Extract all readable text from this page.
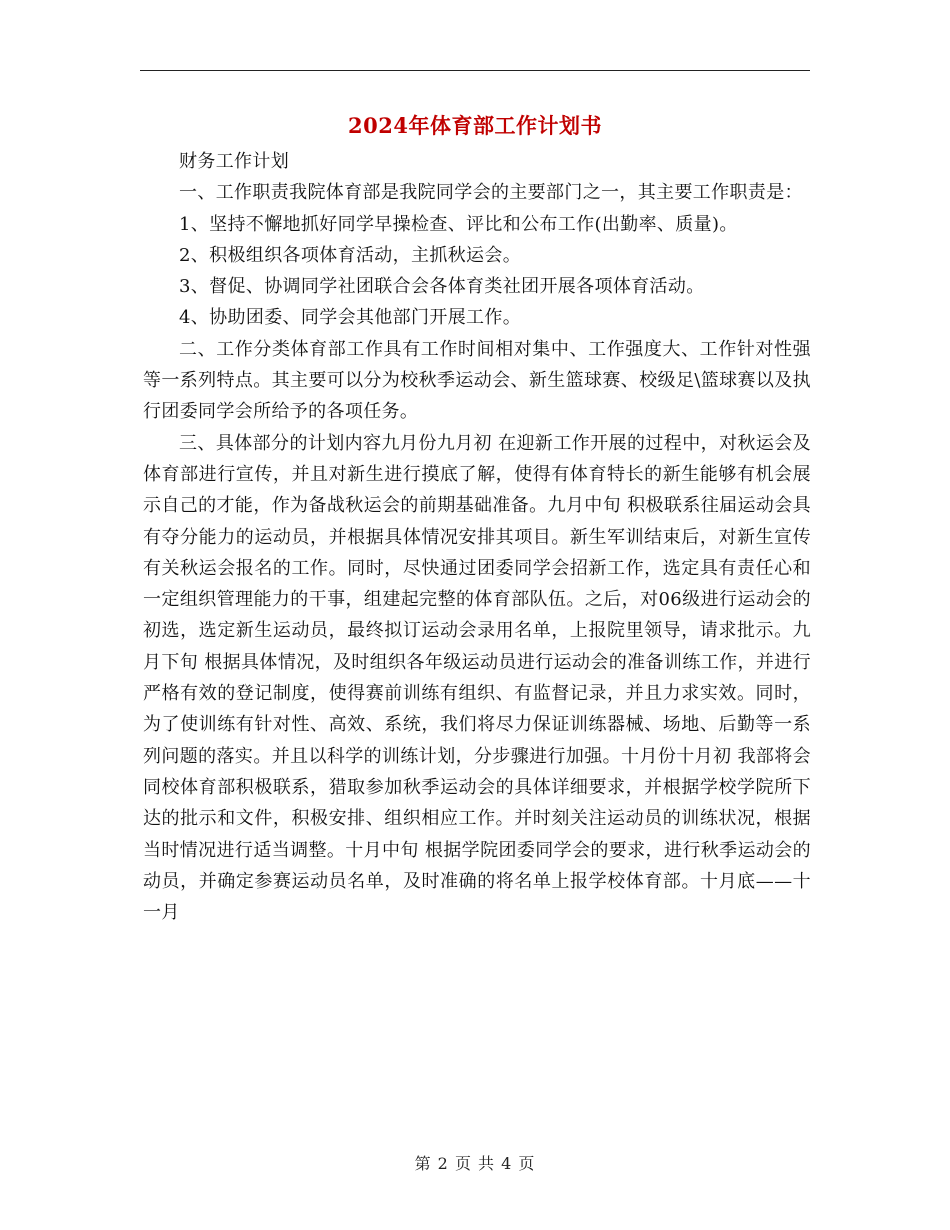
2024年体育部工作计划书

财务工作计划

一、工作职责我院体育部是我院同学会的主要部门之一，其主要工作职责是：

1、坚持不懈地抓好同学早操检查、评比和公布工作(出勤率、质量)。

2、积极组织各项体育活动，主抓秋运会。

3、督促、协调同学社团联合会各体育类社团开展各项体育活动。

4、协助团委、同学会其他部门开展工作。

二、工作分类体育部工作具有工作时间相对集中、工作强度大、工作针对性强等一系列特点。其主要可以分为校秋季运动会、新生篮球赛、校级足\篮球赛以及执行团委同学会所给予的各项任务。

三、具体部分的计划内容九月份九月初 在迎新工作开展的过程中，对秋运会及体育部进行宣传，并且对新生进行摸底了解，使得有体育特长的新生能够有机会展示自己的才能，作为备战秋运会的前期基础准备。九月中旬 积极联系往届运动会具有夺分能力的运动员，并根据具体情况安排其项目。新生军训结束后，对新生宣传有关秋运会报名的工作。同时，尽快通过团委同学会招新工作，选定具有责任心和一定组织管理能力的干事，组建起完整的体育部队伍。之后，对06级进行运动会的初选，选定新生运动员，最终拟订运动会录用名单，上报院里领导，请求批示。九月下旬 根据具体情况，及时组织各年级运动员进行运动会的准备训练工作，并进行严格有效的登记制度，使得赛前训练有组织、有监督记录，并且力求实效。同时，为了使训练有针对性、高效、系统，我们将尽力保证训练器械、场地、后勤等一系列问题的落实。并且以科学的训练计划，分步骤进行加强。十月份十月初 我部将会同校体育部积极联系，猎取参加秋季运动会的具体详细要求，并根据学校学院所下达的批示和文件，积极安排、组织相应工作。并时刻关注运动员的训练状况，根据当时情况进行适当调整。十月中旬 根据学院团委同学会的要求，进行秋季运动会的动员，并确定参赛运动员名单，及时准确的将名单上报学校体育部。十月底——十一月

第 2 页 共 4 页
